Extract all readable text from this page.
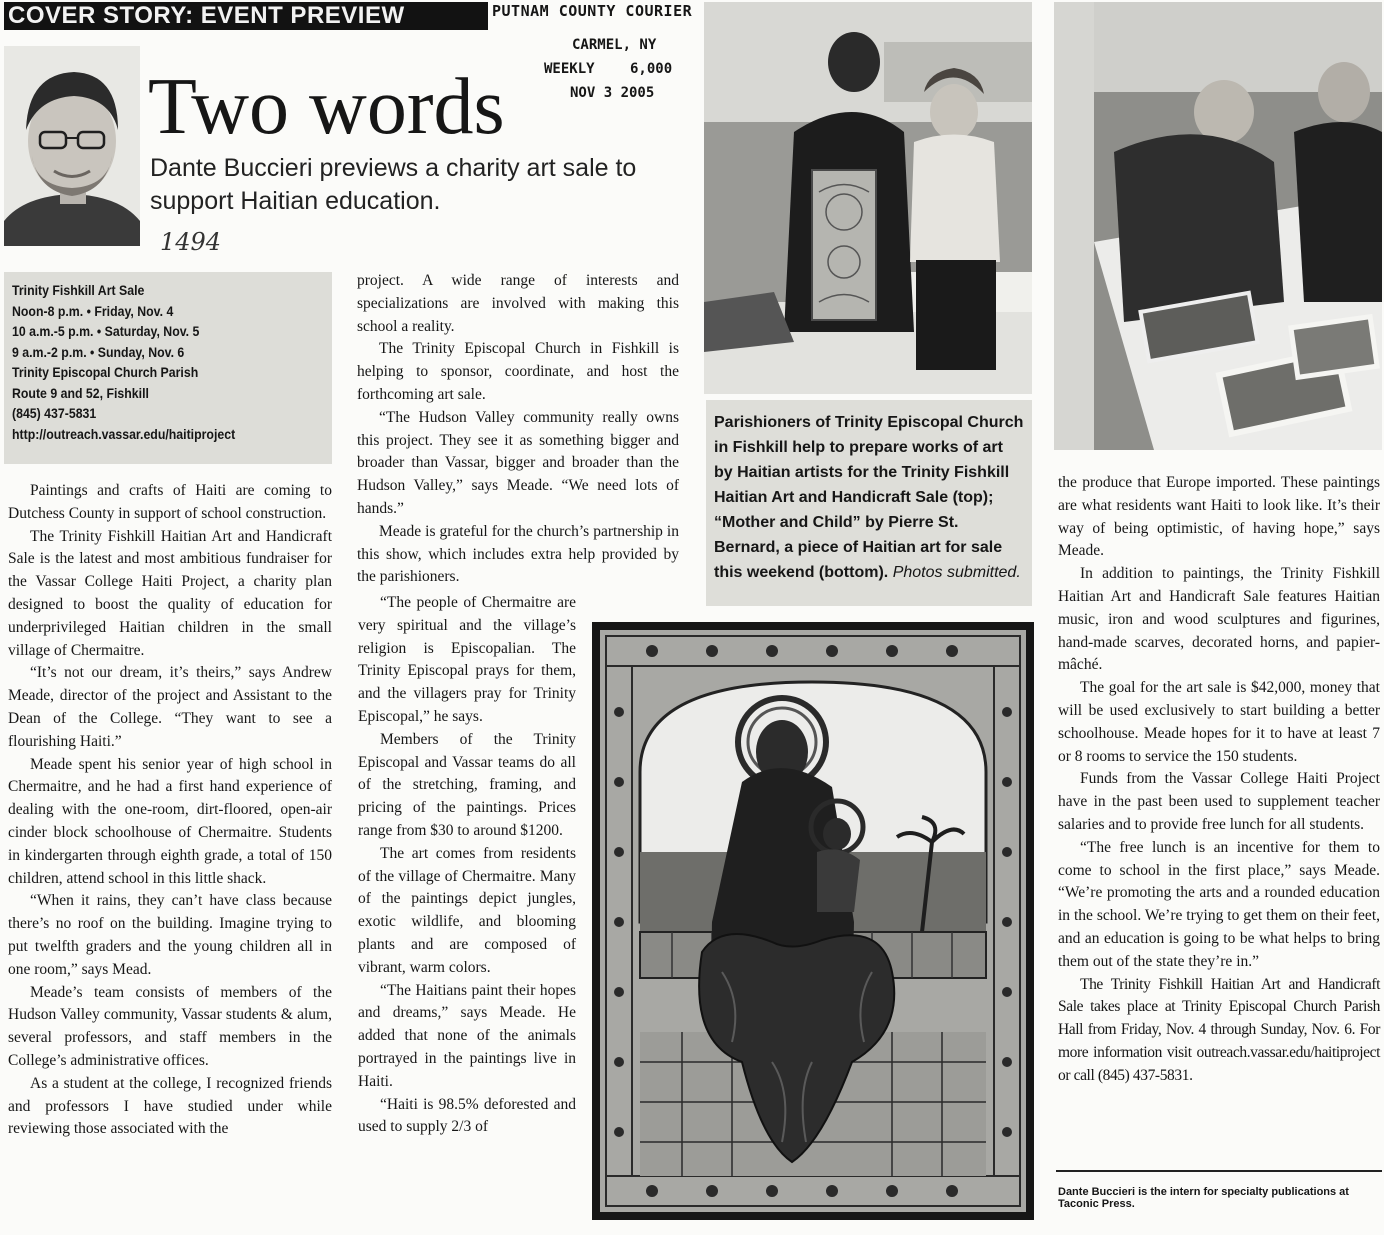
COVER STORY: EVENT PREVIEW	PUTNAM COUNTY COURIER
CARMEL, NY
WEEKLY	6,000
NOV 3 2005
Two words
Dante Buccieri previews a charity art sale to support Haitian education.
1494
Trinity Fishkill Art Sale
Noon-8 p.m. • Friday, Nov. 4
10 a.m.-5 p.m. • Saturday, Nov. 5
9 a.m.-2 p.m. • Sunday, Nov. 6
Trinity Episcopal Church Parish
Route 9 and 52, Fishkill
(845) 437-5831
http://outreach.vassar.edu/haitiproject

Paintings and crafts of Haiti are coming to Dutchess County in support of school construction.

The Trinity Fishkill Haitian Art and Handicraft Sale is the latest and most ambitious fundraiser for the Vassar College Haiti Project, a charity plan designed to boost the quality of education for underprivileged Haitian children in the small village of Chermaitre.

“It’s not our dream, it’s theirs,” says Andrew Meade, director of the project and Assistant to the Dean of the College. “They want to see a flourishing Haiti.”

Meade spent his senior year of high school in Chermaitre, and he had a first hand experience of dealing with the one-room, dirt-floored, open-air cinder block schoolhouse of Chermaitre. Students in kindergarten through eighth grade, a total of 150 children, attend school in this little shack.

“When it rains, they can’t have class because there’s no roof on the building. Imagine trying to put twelfth graders and the young children all in one room,” says Mead.

Meade’s team consists of members of the Hudson Valley community, Vassar students & alum, several professors, and staff members in the College’s administrative offices.

As a student at the college, I recognized friends and professors I have studied under while reviewing those associated with the

project. A wide range of interests and specializations are involved with making this school a reality.

The Trinity Episcopal Church in Fishkill is helping to sponsor, coordinate, and host the forthcoming art sale.

“The Hudson Valley community really owns this project. They see it as something bigger and broader than Vassar, bigger and broader than the Hudson Valley,” says Meade. “We need lots of hands.”

Meade is grateful for the church’s partnership in this show, which includes extra help provided by the parishioners.

“The people of Chermaitre are very spiritual and the village’s religion is Episcopalian. The Trinity Episcopal prays for them, and the villagers pray for Trinity Episcopal,” he says.

Members of the Trinity Episcopal and Vassar teams do all of the stretching, framing, and pricing of the paintings. Prices range from $30 to around $1200.

The art comes from residents of the village of Chermaitre. Many of the paintings depict jungles, exotic wildlife, and blooming plants and are composed of vibrant, warm colors.

“The Haitians paint their hopes and dreams,” says Meade. He added that none of the animals portrayed in the paintings live in Haiti.

“Haiti is 98.5% deforested and used to supply 2/3 of

Parishioners of Trinity Episcopal Church in Fishkill help to prepare works of art by Haitian artists for the Trinity Fishkill Haitian Art and Handicraft Sale (top); “Mother and Child” by Pierre St. Bernard, a piece of Haitian art for sale this weekend (bottom). Photos submitted.

the produce that Europe imported. These paintings are what residents want Haiti to look like. It’s their way of being optimistic, of having hope,” says Meade.

In addition to paintings, the Trinity Fishkill Haitian Art and Handicraft Sale features Haitian music, iron and wood sculptures and figurines, hand-made scarves, decorated horns, and papier-mâché.

The goal for the art sale is $42,000, money that will be used exclusively to start building a better schoolhouse. Meade hopes for it to have at least 7 or 8 rooms to service the 150 students.

Funds from the Vassar College Haiti Project have in the past been used to supplement teacher salaries and to provide free lunch for all students.

“The free lunch is an incentive for them to come to school in the first place,” says Meade. “We’re promoting the arts and a rounded education in the school. We’re trying to get them on their feet, and an education is going to be what helps to bring them out of the state they’re in.”

The Trinity Fishkill Haitian Art and Handicraft Sale takes place at Trinity Episcopal Church Parish Hall from Friday, Nov. 4 through Sunday, Nov. 6. For more information visit outreach.vassar.edu/haitiproject or call (845) 437-5831.

Dante Buccieri is the intern for specialty publications at Taconic Press.
